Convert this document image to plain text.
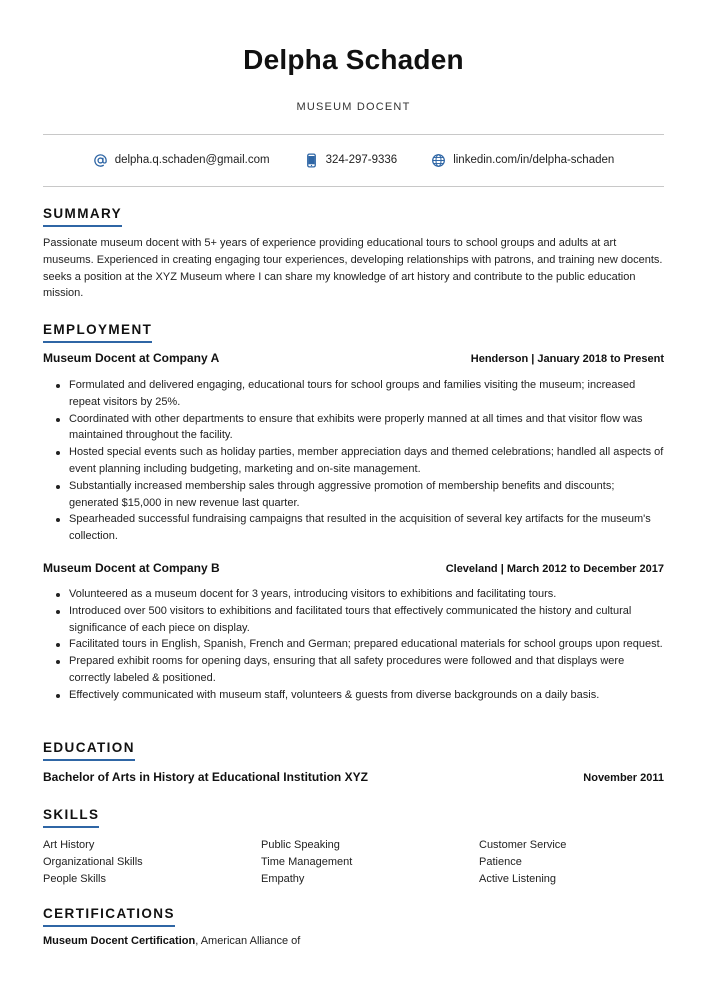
Delpha Schaden
MUSEUM DOCENT
delpha.q.schaden@gmail.com	324-297-9336	linkedin.com/in/delpha-schaden
SUMMARY
Passionate museum docent with 5+ years of experience providing educational tours to school groups and adults at art museums. Experienced in creating engaging tour experiences, developing relationships with patrons, and training new docents. seeks a position at the XYZ Museum where I can share my knowledge of art history and contribute to the public education mission.
EMPLOYMENT
Museum Docent at Company A	Henderson | January 2018 to Present
Formulated and delivered engaging, educational tours for school groups and families visiting the museum; increased repeat visitors by 25%.
Coordinated with other departments to ensure that exhibits were properly manned at all times and that visitor flow was maintained throughout the facility.
Hosted special events such as holiday parties, member appreciation days and themed celebrations; handled all aspects of event planning including budgeting, marketing and on-site management.
Substantially increased membership sales through aggressive promotion of membership benefits and discounts; generated $15,000 in new revenue last quarter.
Spearheaded successful fundraising campaigns that resulted in the acquisition of several key artifacts for the museum's collection.
Museum Docent at Company B	Cleveland | March 2012 to December 2017
Volunteered as a museum docent for 3 years, introducing visitors to exhibitions and facilitating tours.
Introduced over 500 visitors to exhibitions and facilitated tours that effectively communicated the history and cultural significance of each piece on display.
Facilitated tours in English, Spanish, French and German; prepared educational materials for school groups upon request.
Prepared exhibit rooms for opening days, ensuring that all safety procedures were followed and that displays were correctly labeled & positioned.
Effectively communicated with museum staff, volunteers & guests from diverse backgrounds on a daily basis.
EDUCATION
Bachelor of Arts in History at Educational Institution XYZ	November 2011
SKILLS
Art History	Public Speaking	Customer Service
Organizational Skills	Time Management	Patience
People Skills	Empathy	Active Listening
CERTIFICATIONS
Museum Docent Certification, American Alliance of
